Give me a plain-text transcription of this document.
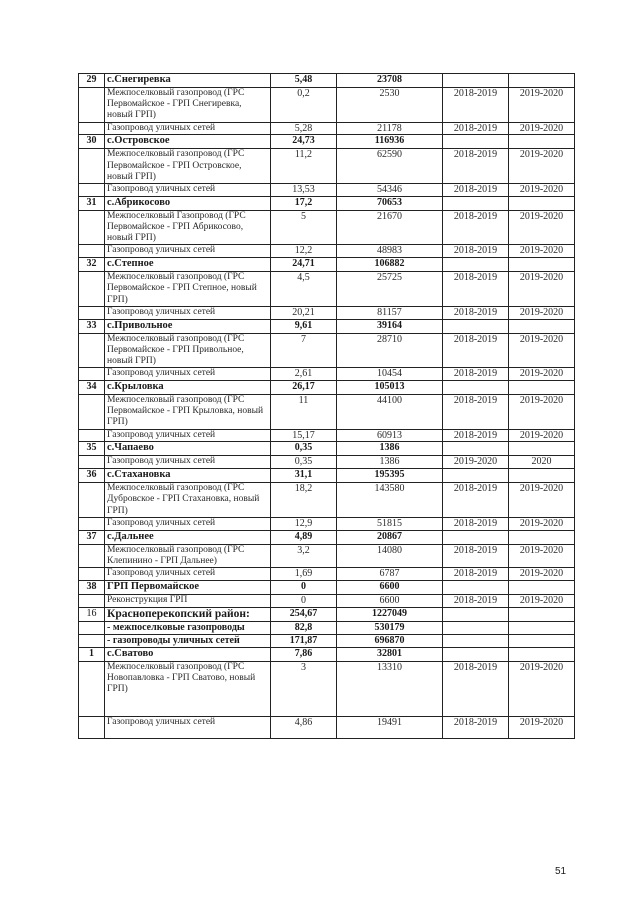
29	с.Снегиревка	5,48	23708		
	Межпоселковый газопровод (ГРС Первомайское - ГРП Снегиревка, новый ГРП)	0,2	2530	2018-2019	2019-2020
	Газопровод уличных сетей	5,28	21178	2018-2019	2019-2020
30	с.Островское	24,73	116936		
	Межпоселковый газопровод (ГРС Первомайское - ГРП Островское, новый ГРП)	11,2	62590	2018-2019	2019-2020
	Газопровод уличных сетей	13,53	54346	2018-2019	2019-2020
31	с.Абрикосово	17,2	70653		
	Межпоселковый Газопровод (ГРС Первомайское - ГРП Абрикосово, новый ГРП)	5	21670	2018-2019	2019-2020
	Газопровод уличных сетей	12,2	48983	2018-2019	2019-2020
32	с.Степное	24,71	106882		
	Межпоселковый газопровод (ГРС Первомайское - ГРП Степное, новый ГРП)	4,5	25725	2018-2019	2019-2020
	Газопровод уличных сетей	20,21	81157	2018-2019	2019-2020
33	с.Привольное	9,61	39164		
	Межпоселковый газопровод (ГРС Первомайское - ГРП Привольное, новый ГРП)	7	28710	2018-2019	2019-2020
	Газопровод уличных сетей	2,61	10454	2018-2019	2019-2020
34	с.Крыловка	26,17	105013		
	Межпоселковый газопровод (ГРС Первомайское - ГРП Крыловка, новый ГРП)	11	44100	2018-2019	2019-2020
	Газопровод уличных сетей	15,17	60913	2018-2019	2019-2020
35	с.Чапаево	0,35	1386		
	Газопровод уличных сетей	0,35	1386	2019-2020	2020
36	с.Стахановка	31,1	195395		
	Межпоселковый газопровод (ГРС Дубровское - ГРП Стахановка, новый ГРП)	18,2	143580	2018-2019	2019-2020
	Газопровод уличных сетей	12,9	51815	2018-2019	2019-2020
37	с.Дальнее	4,89	20867		
	Межпоселковый газопровод (ГРС Клепинино - ГРП Дальнее)	3,2	14080	2018-2019	2019-2020
	Газопровод уличных сетей	1,69	6787	2018-2019	2019-2020
38	ГРП Первомайское	0	6600		
	Реконструкция ГРП	0	6600	2018-2019	2019-2020
16	Красноперекопский район:	254,67	1227049		
	- межпоселковые газопроводы	82,8	530179		
	- газопроводы уличных сетей	171,87	696870		
1	с.Сватово	7,86	32801		
	Межпоселковый газопровод (ГРС Новопавловка - ГРП Сватово, новый ГРП)	3	13310	2018-2019	2019-2020
	Газопровод уличных сетей	4,86	19491	2018-2019	2019-2020
51
